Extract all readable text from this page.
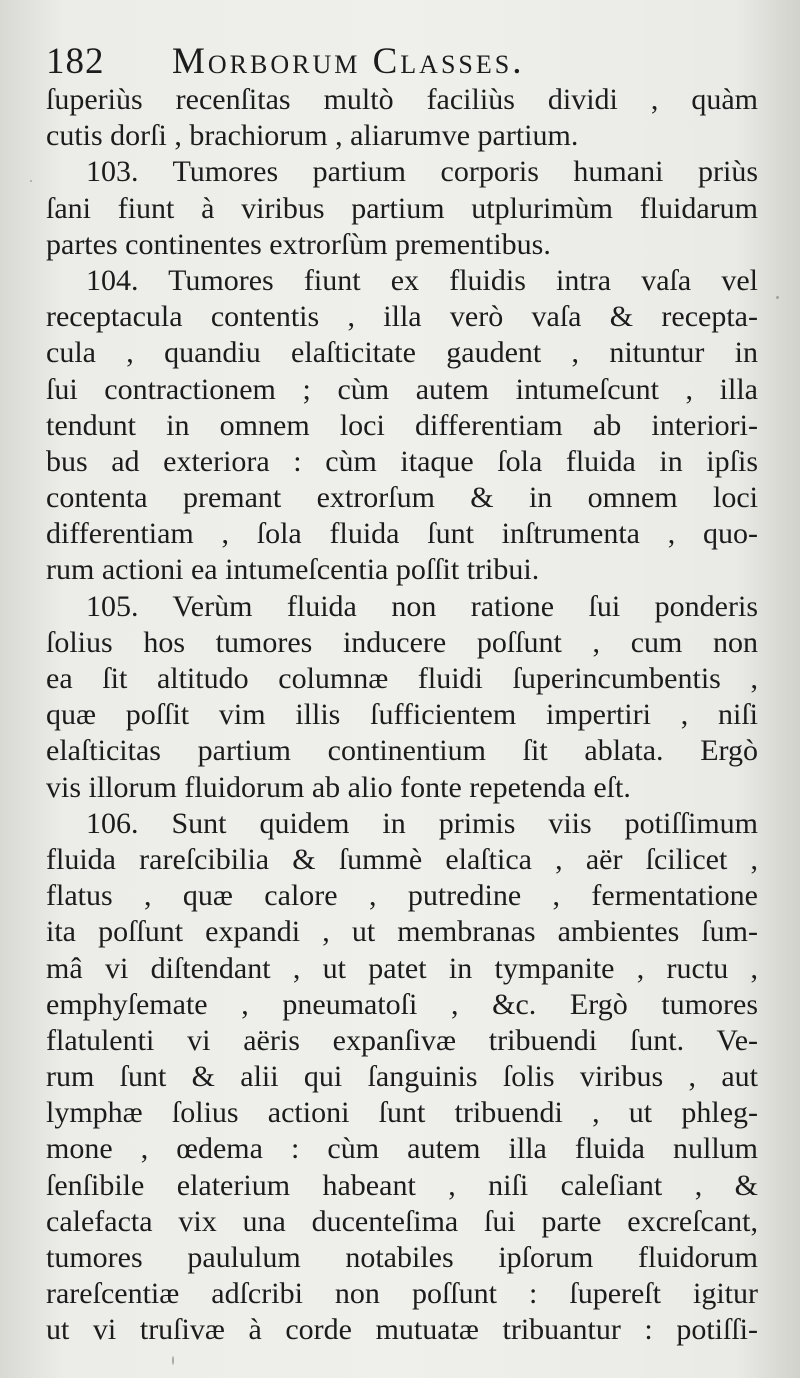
182 Morborum Classes.
ſuperiùs recenſitas multò faciliùs dividi , quàm
cutis dorſi , brachiorum , aliarumve partium.
103. Tumores partium corporis humani priùs
ſani fiunt à viribus partium utplurimùm fluidarum
partes continentes extrorſùm prementibus.
104. Tumores fiunt ex fluidis intra vaſa vel
receptacula contentis , illa verò vaſa & recepta-
cula , quandiu elaſticitate gaudent , nituntur in
ſui contractionem ; cùm autem intumeſcunt , illa
tendunt in omnem loci differentiam ab interiori-
bus ad exteriora : cùm itaque ſola fluida in ipſis
contenta premant extrorſum & in omnem loci
differentiam , ſola fluida ſunt inſtrumenta , quo-
rum actioni ea intumeſcentia poſſit tribui.
105. Verùm fluida non ratione ſui ponderis
ſolius hos tumores inducere poſſunt , cum non
ea ſit altitudo columnæ fluidi ſuperincumbentis ,
quæ poſſit vim illis ſufficientem impertiri , niſi
elaſticitas partium continentium ſit ablata. Ergò
vis illorum fluidorum ab alio fonte repetenda eſt.
106. Sunt quidem in primis viis potiſſimum
fluida rareſcibilia & ſummè elaſtica , aër ſcilicet ,
flatus , quæ calore , putredine , fermentatione
ita poſſunt expandi , ut membranas ambientes ſum-
mâ vi diſtendant , ut patet in tympanite , ructu ,
emphyſemate , pneumatoſi , &c. Ergò tumores
flatulenti vi aëris expanſivæ tribuendi ſunt. Ve-
rum ſunt & alii qui ſanguinis ſolis viribus , aut
lymphæ ſolius actioni ſunt tribuendi , ut phleg-
mone , œdema : cùm autem illa fluida nullum
ſenſibile elaterium habeant , niſi caleſiant , &
calefacta vix una ducenteſima ſui parte excreſcant,
tumores paululum notabiles ipſorum fluidorum
rareſcentiæ adſcribi non poſſunt : ſupereſt igitur
ut vi truſivæ à corde mutuatæ tribuantur : potiſſi-
